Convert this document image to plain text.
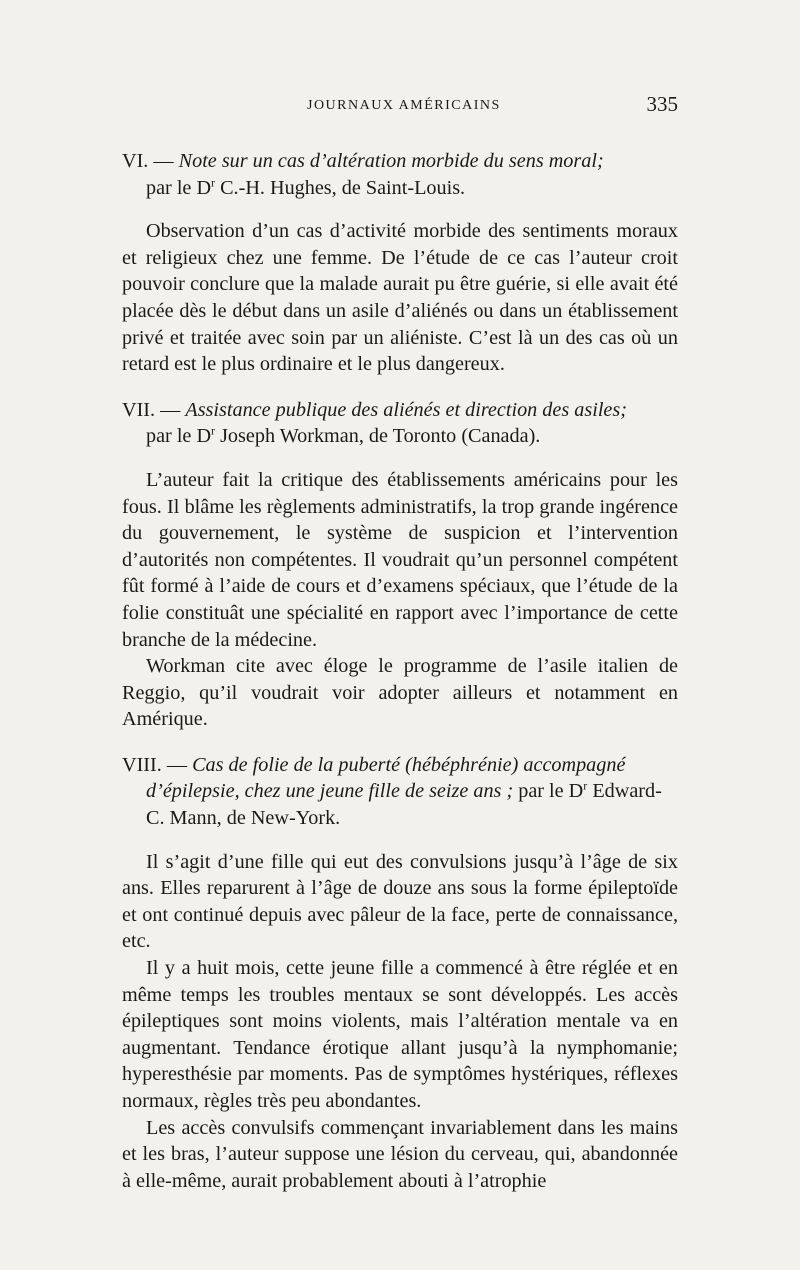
JOURNAUX AMÉRICAINS	335

VI. — Note sur un cas d’altération morbide du sens moral;
par le $D^r$ C.-H. Hughes, de Saint-Louis.

Observation d’un cas d’activité morbide des sentiments moraux et religieux chez une femme. De l’étude de ce cas l’auteur croit pouvoir conclure que la malade aurait pu être guérie, si elle avait été placée dès le début dans un asile d’aliénés ou dans un établissement privé et traitée avec soin par un aliéniste. C’est là un des cas où un retard est le plus ordinaire et le plus dangereux.

VII. — Assistance publique des aliénés et direction des asiles;
par le $D^r$ Joseph Workman, de Toronto (Canada).

L’auteur fait la critique des établissements américains pour les fous. Il blâme les règlements administratifs, la trop grande ingérence du gouvernement, le système de suspicion et l’intervention d’autorités non compétentes. Il voudrait qu’un personnel compétent fût formé à l’aide de cours et d’examens spéciaux, que l’étude de la folie constituât une spécialité en rapport avec l’importance de cette branche de la médecine.

Workman cite avec éloge le programme de l’asile italien de Reggio, qu’il voudrait voir adopter ailleurs et notamment en Amérique.

VIII. — Cas de folie de la puberté (hébéphrénie) accompagné d’épilepsie, chez une jeune fille de seize ans ; par le $D^r$ Edward-C. Mann, de New-York.

Il s’agit d’une fille qui eut des convulsions jusqu’à l’âge de six ans. Elles reparurent à l’âge de douze ans sous la forme épileptoïde et ont continué depuis avec pâleur de la face, perte de connaissance, etc.

Il y a huit mois, cette jeune fille a commencé à être réglée et en même temps les troubles mentaux se sont développés. Les accès épileptiques sont moins violents, mais l’altération mentale va en augmentant. Tendance érotique allant jusqu’à la nymphomanie; hyperesthésie par moments. Pas de symptômes hystériques, réflexes normaux, règles très peu abondantes.

Les accès convulsifs commençant invariablement dans les mains et les bras, l’auteur suppose une lésion du cerveau, qui, abandonnée à elle-même, aurait probablement abouti à l’atrophie
